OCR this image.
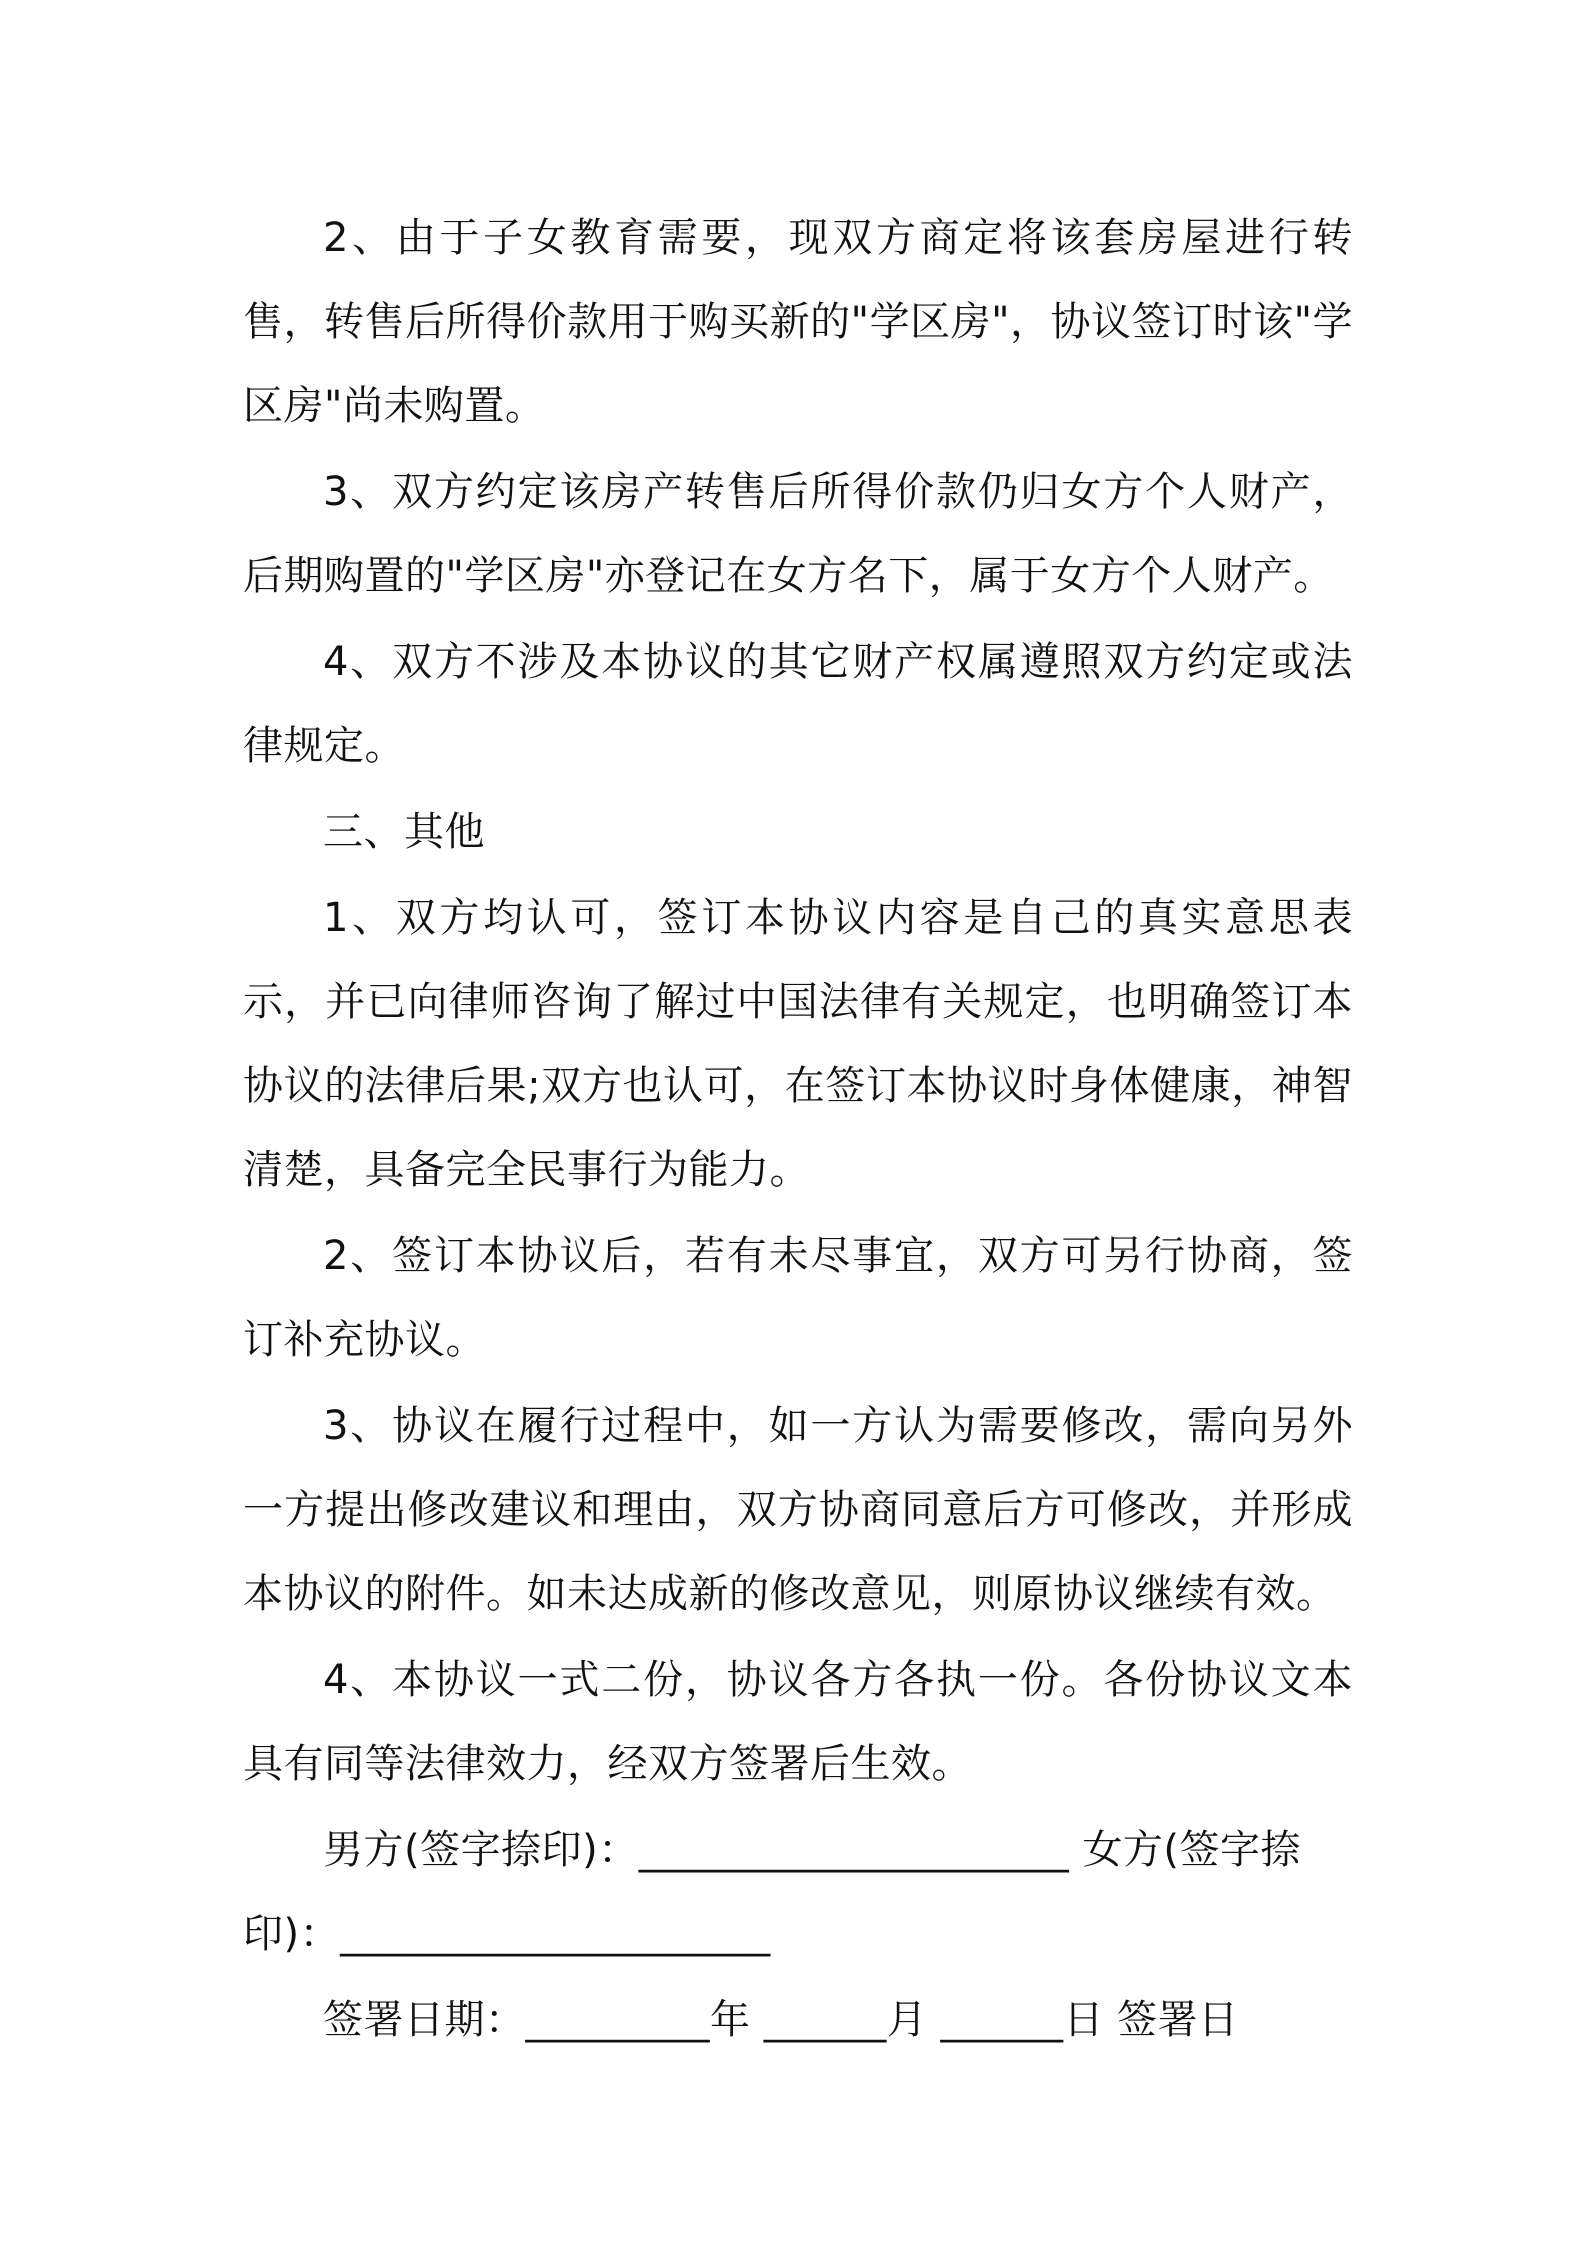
2、由于子女教育需要，现双方商定将该套房屋进行转售，转售后所得价款用于购买新的"学区房"，协议签订时该"学区房"尚未购置。

3、双方约定该房产转售后所得价款仍归女方个人财产，后期购置的"学区房"亦登记在女方名下，属于女方个人财产。

4、双方不涉及本协议的其它财产权属遵照双方约定或法律规定。

三、其他

1、双方均认可，签订本协议内容是自己的真实意思表示，并已向律师咨询了解过中国法律有关规定，也明确签订本协议的法律后果;双方也认可，在签订本协议时身体健康，神智清楚，具备完全民事行为能力。

2、签订本协议后，若有未尽事宜，双方可另行协商，签订补充协议。

3、协议在履行过程中，如一方认为需要修改，需向另外一方提出修改建议和理由，双方协商同意后方可修改，并形成本协议的附件。如未达成新的修改意见，则原协议继续有效。

4、本协议一式二份，协议各方各执一份。各份协议文本具有同等法律效力，经双方签署后生效。

男方(签字捺印)：_____________________ 女方(签字捺印)：_____________________

签署日期：_________年 ______月 ______日 签署日
